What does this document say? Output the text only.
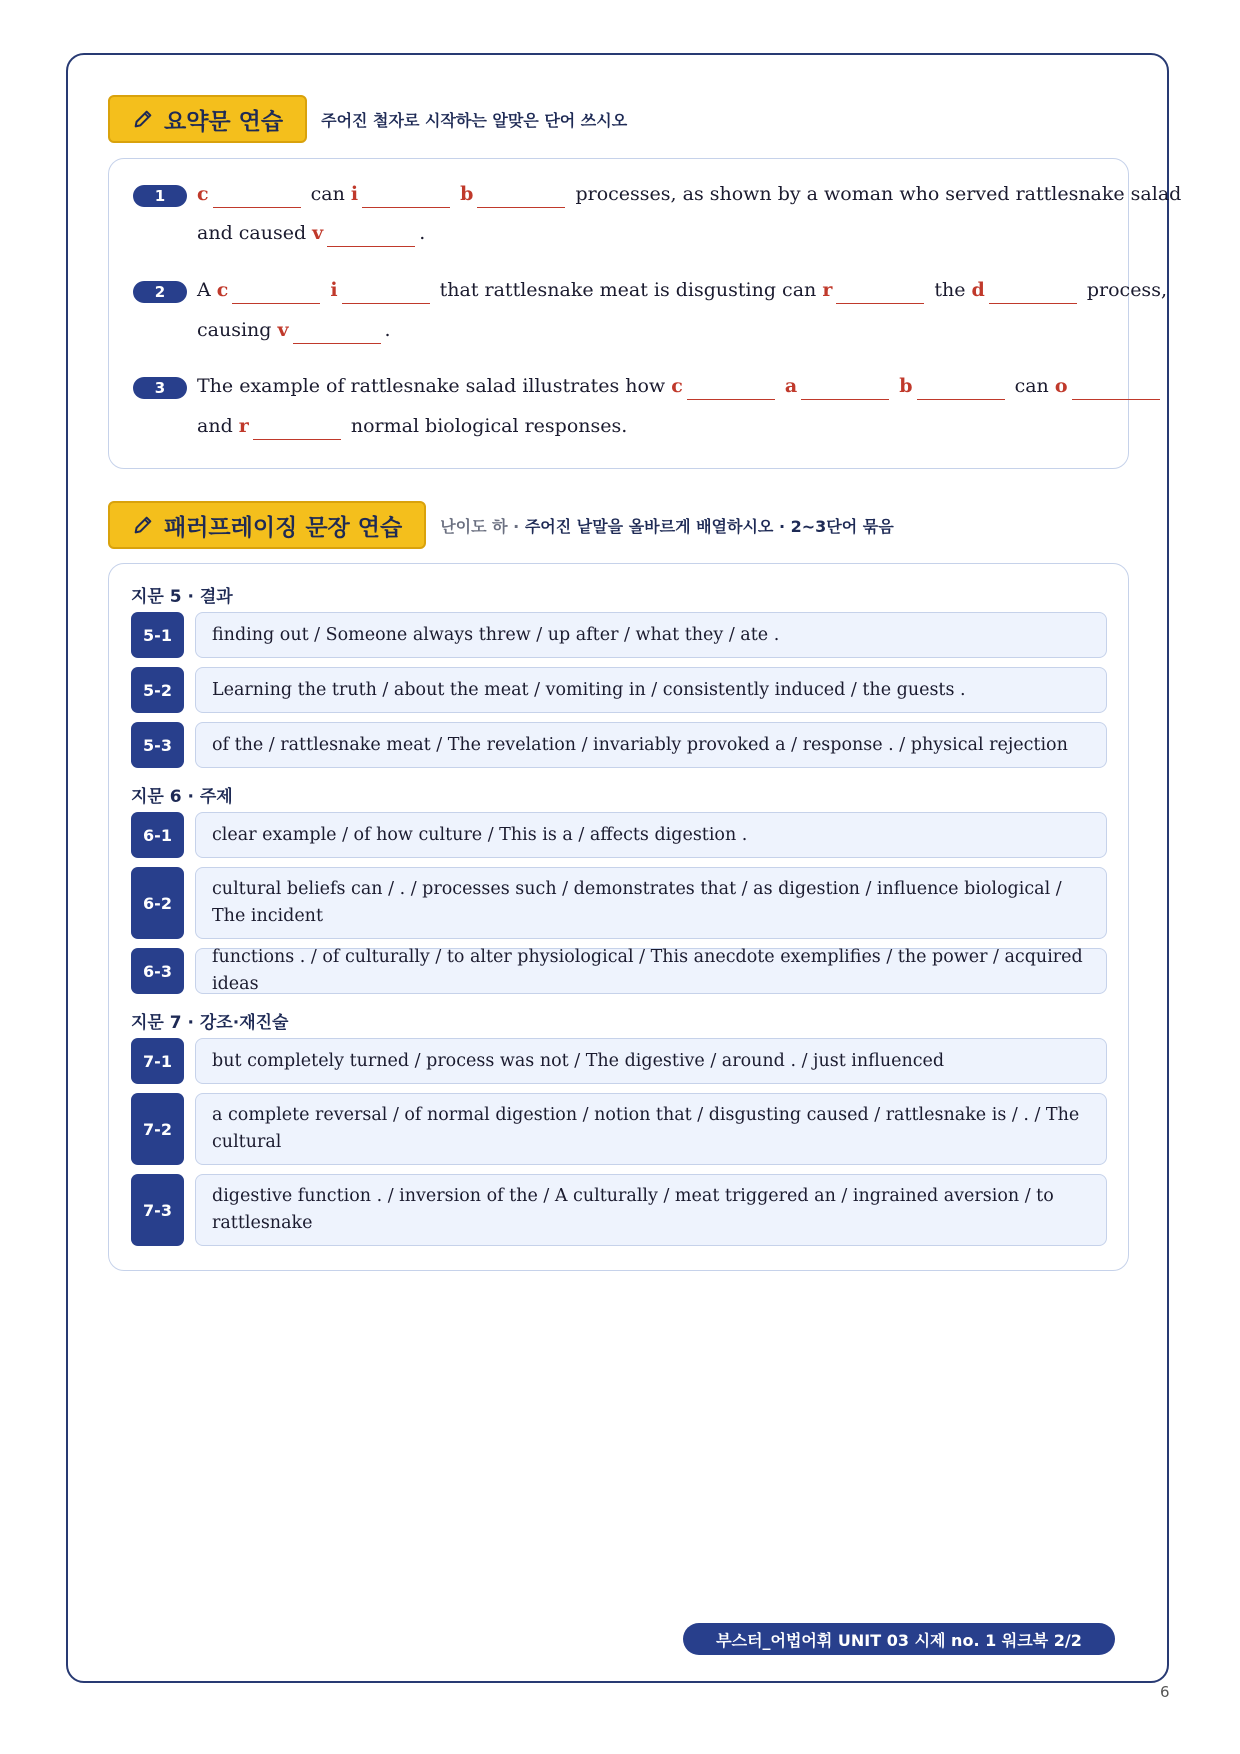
요약문 연습 주어진 철자로 시작하는 알맞은 단어 쓰시오
1	c	can i	b	processes, as shown by a woman who served rattlesnake salad
and caused v	.
2	A c	i	that rattlesnake meat is disgusting can r	the d	process,
causing v	.
3	The example of rattlesnake salad illustrates how c	a	b	can o
and r	normal biological responses.
패러프레이징 문장 연습 난이도 하 · 주어진 낱말을 올바르게 배열하시오 · 2~3단어 묶음
지문 5 · 결과
5-1	finding out / Someone always threw / up after / what they / ate .
5-2	Learning the truth / about the meat / vomiting in / consistently induced / the guests .
5-3	of the / rattlesnake meat / The revelation / invariably provoked a / response . / physical rejection
지문 6 · 주제
6-1	clear example / of how culture / This is a / affects digestion .
6-2
cultural beliefs can / . / processes such / demonstrates that / as digestion / influence biological / The incident
6-3
functions . / of culturally / to alter physiological / This anecdote exemplifies / the power / acquired ideas
지문 7 · 강조·재진술
7-1	but completely turned / process was not / The digestive / around . / just influenced
7-2
a complete reversal / of normal digestion / notion that / disgusting caused / rattlesnake is / . / The cultural
7-3
digestive function . / inversion of the / A culturally / meat triggered an / ingrained aversion / to rattlesnake
부스터_어법어휘 UNIT 03 시제 no. 1 워크북 2/2
6
